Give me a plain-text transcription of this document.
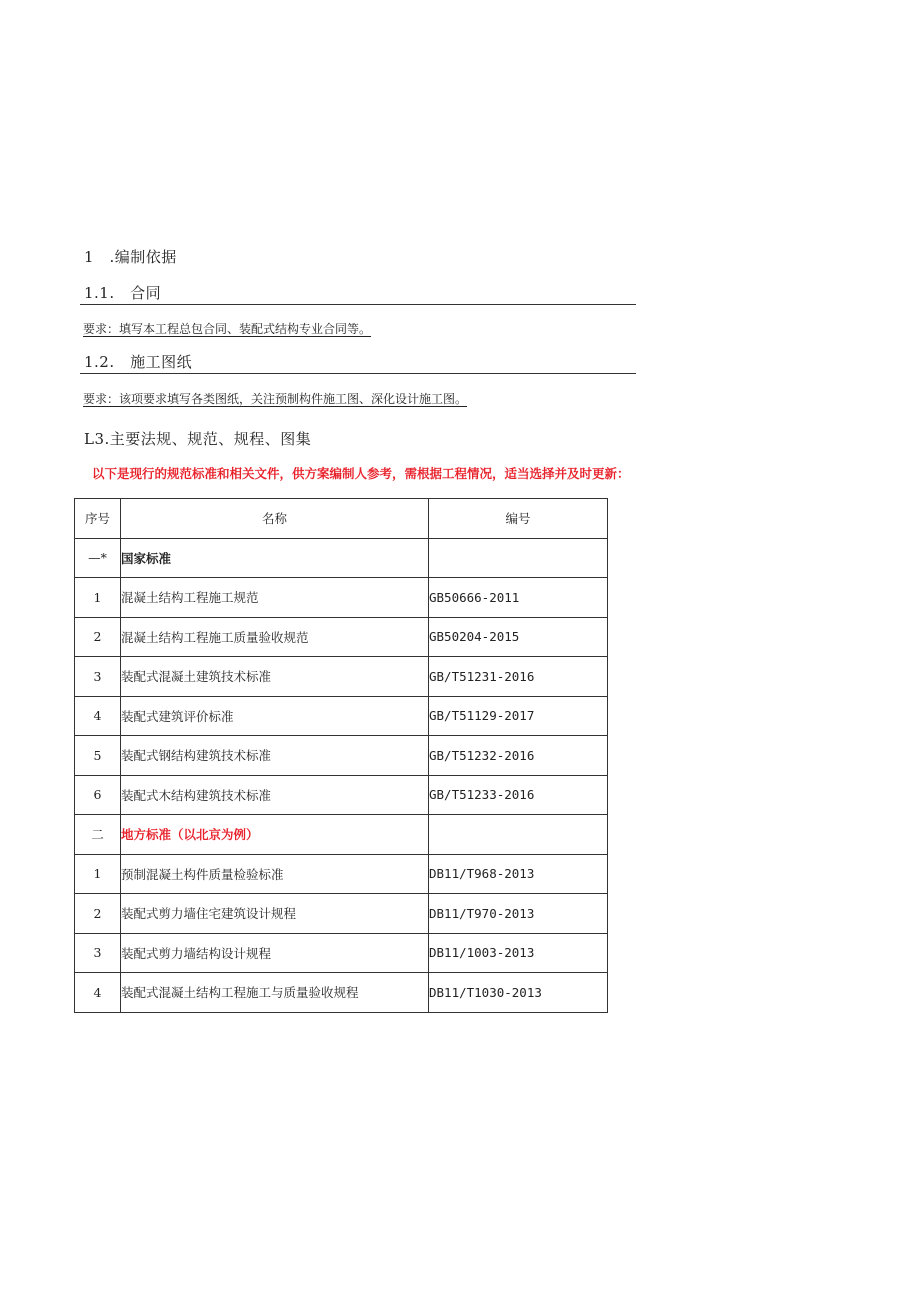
1　.编制依据
1.1.　合同
要求：填写本工程总包合同、装配式结构专业合同等。
1.2.　施工图纸
要求：该项要求填写各类图纸，关注预制构件施工图、深化设计施工图。
L3.主要法规、规范、规程、图集
以下是现行的规范标准和相关文件，供方案编制人参考，需根据工程情况，适当选择并及时更新：
序号	名称	编号
—*	国家标准	
1	混凝土结构工程施工规范	GB50666-2011
2	混凝土结构工程施工质量验收规范	GB50204-2015
3	装配式混凝土建筑技术标准	GB/T51231-2016
4	装配式建筑评价标准	GB/T51129-2017
5	装配式钢结构建筑技术标准	GB/T51232-2016
6	装配式木结构建筑技术标准	GB/T51233-2016
二	地方标准（以北京为例）	
1	预制混凝土构件质量检验标准	DB11/T968-2013
2	装配式剪力墙住宅建筑设计规程	DB11/T970-2013
3	装配式剪力墙结构设计规程	DB11/1003-2013
4	装配式混凝土结构工程施工与质量验收规程	DB11/T1030-2013
